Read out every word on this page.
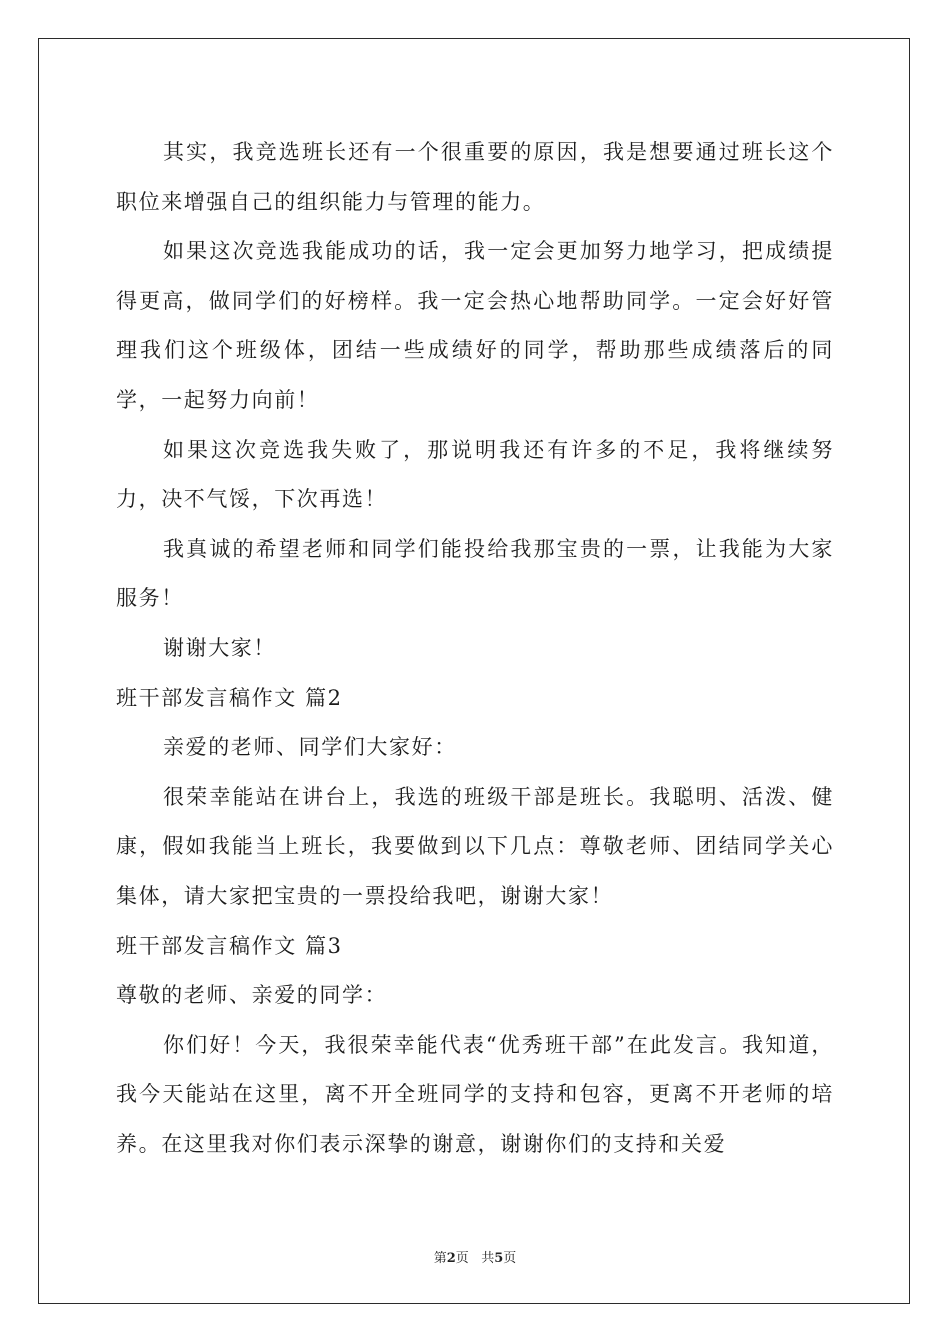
其实，我竞选班长还有一个很重要的原因，我是想要通过班长这个职位来增强自己的组织能力与管理的能力。

如果这次竞选我能成功的话，我一定会更加努力地学习，把成绩提得更高，做同学们的好榜样。我一定会热心地帮助同学。一定会好好管理我们这个班级体，团结一些成绩好的同学，帮助那些成绩落后的同学，一起努力向前！

如果这次竞选我失败了，那说明我还有许多的不足，我将继续努力，决不气馁，下次再选！

我真诚的希望老师和同学们能投给我那宝贵的一票，让我能为大家服务！

谢谢大家！

班干部发言稿作文 篇2

亲爱的老师、同学们大家好：

很荣幸能站在讲台上，我选的班级干部是班长。我聪明、活泼、健康，假如我能当上班长，我要做到以下几点：尊敬老师、团结同学关心集体，请大家把宝贵的一票投给我吧，谢谢大家！

班干部发言稿作文 篇3

尊敬的老师、亲爱的同学：

你们好！今天，我很荣幸能代表“优秀班干部”在此发言。我知道，我今天能站在这里，离不开全班同学的支持和包容，更离不开老师的培养。在这里我对你们表示深挚的谢意，谢谢你们的支持和关爱

第2页 共5页
